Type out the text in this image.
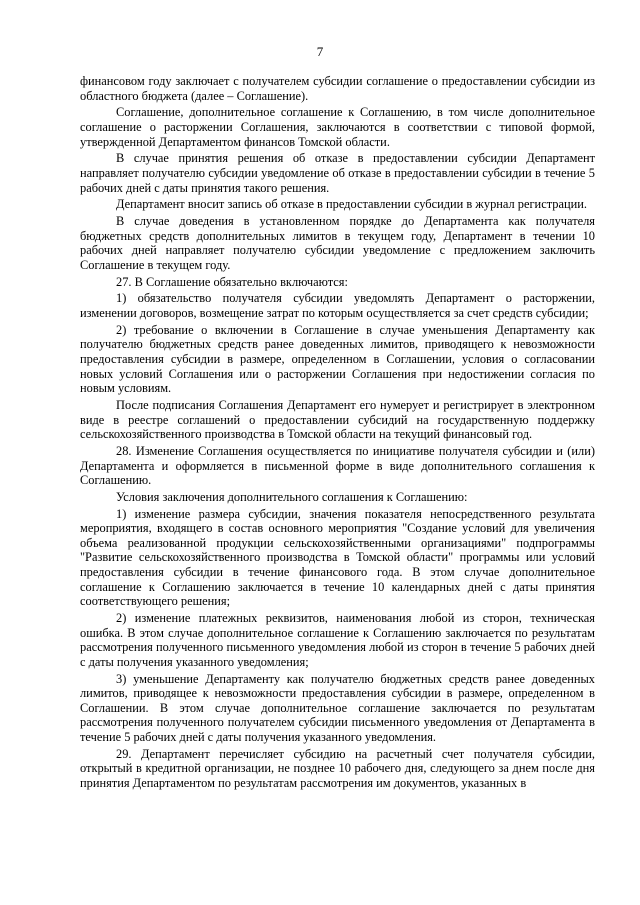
7

финансовом году заключает с получателем субсидии соглашение о предоставлении субсидии из областного бюджета (далее – Соглашение).

Соглашение, дополнительное соглашение к Соглашению, в том числе дополнительное соглашение о расторжении Соглашения, заключаются в соответствии с типовой формой, утвержденной Департаментом финансов Томской области.

В случае принятия решения об отказе в предоставлении субсидии Департамент направляет получателю субсидии уведомление об отказе в предоставлении субсидии в течение 5 рабочих дней с даты принятия такого решения.

Департамент вносит запись об отказе в предоставлении субсидии в журнал регистрации.

В случае доведения в установленном порядке до Департамента как получателя бюджетных средств дополнительных лимитов в текущем году, Департамент в течении 10 рабочих дней направляет получателю субсидии уведомление с предложением заключить Соглашение в текущем году.

27. В Соглашение обязательно включаются:

1) обязательство получателя субсидии уведомлять Департамент о расторжении, изменении договоров, возмещение затрат по которым осуществляется за счет средств субсидии;

2) требование о включении в Соглашение в случае уменьшения Департаменту как получателю бюджетных средств ранее доведенных лимитов, приводящего к невозможности предоставления субсидии в размере, определенном в Соглашении, условия о согласовании новых условий Соглашения или о расторжении Соглашения при недостижении согласия по новым условиям.

После подписания Соглашения Департамент его нумерует и регистрирует в электронном виде в реестре соглашений о предоставлении субсидий на государственную поддержку сельскохозяйственного производства в Томской области на текущий финансовый год.

28. Изменение Соглашения осуществляется по инициативе получателя субсидии и (или) Департамента и оформляется в письменной форме в виде дополнительного соглашения к Соглашению.

Условия заключения дополнительного соглашения к Соглашению:

1) изменение размера субсидии, значения показателя непосредственного результата мероприятия, входящего в состав основного мероприятия "Создание условий для увеличения объема реализованной продукции сельскохозяйственными организациями" подпрограммы "Развитие сельскохозяйственного производства в Томской области" программы или условий предоставления субсидии в течение финансового года. В этом случае дополнительное соглашение к Соглашению заключается в течение 10 календарных дней с даты принятия соответствующего решения;

2) изменение платежных реквизитов, наименования любой из сторон, техническая ошибка. В этом случае дополнительное соглашение к Соглашению заключается по результатам рассмотрения полученного письменного уведомления любой из сторон в течение 5 рабочих дней с даты получения указанного уведомления;

3) уменьшение Департаменту как получателю бюджетных средств ранее доведенных лимитов, приводящее к невозможности предоставления субсидии в размере, определенном в Соглашении. В этом случае дополнительное соглашение заключается по результатам рассмотрения полученного получателем субсидии письменного уведомления от Департамента в течение 5 рабочих дней с даты получения указанного уведомления.

29. Департамент перечисляет субсидию на расчетный счет получателя субсидии, открытый в кредитной организации, не позднее 10 рабочего дня, следующего за днем после дня принятия Департаментом по результатам рассмотрения им документов, указанных в
